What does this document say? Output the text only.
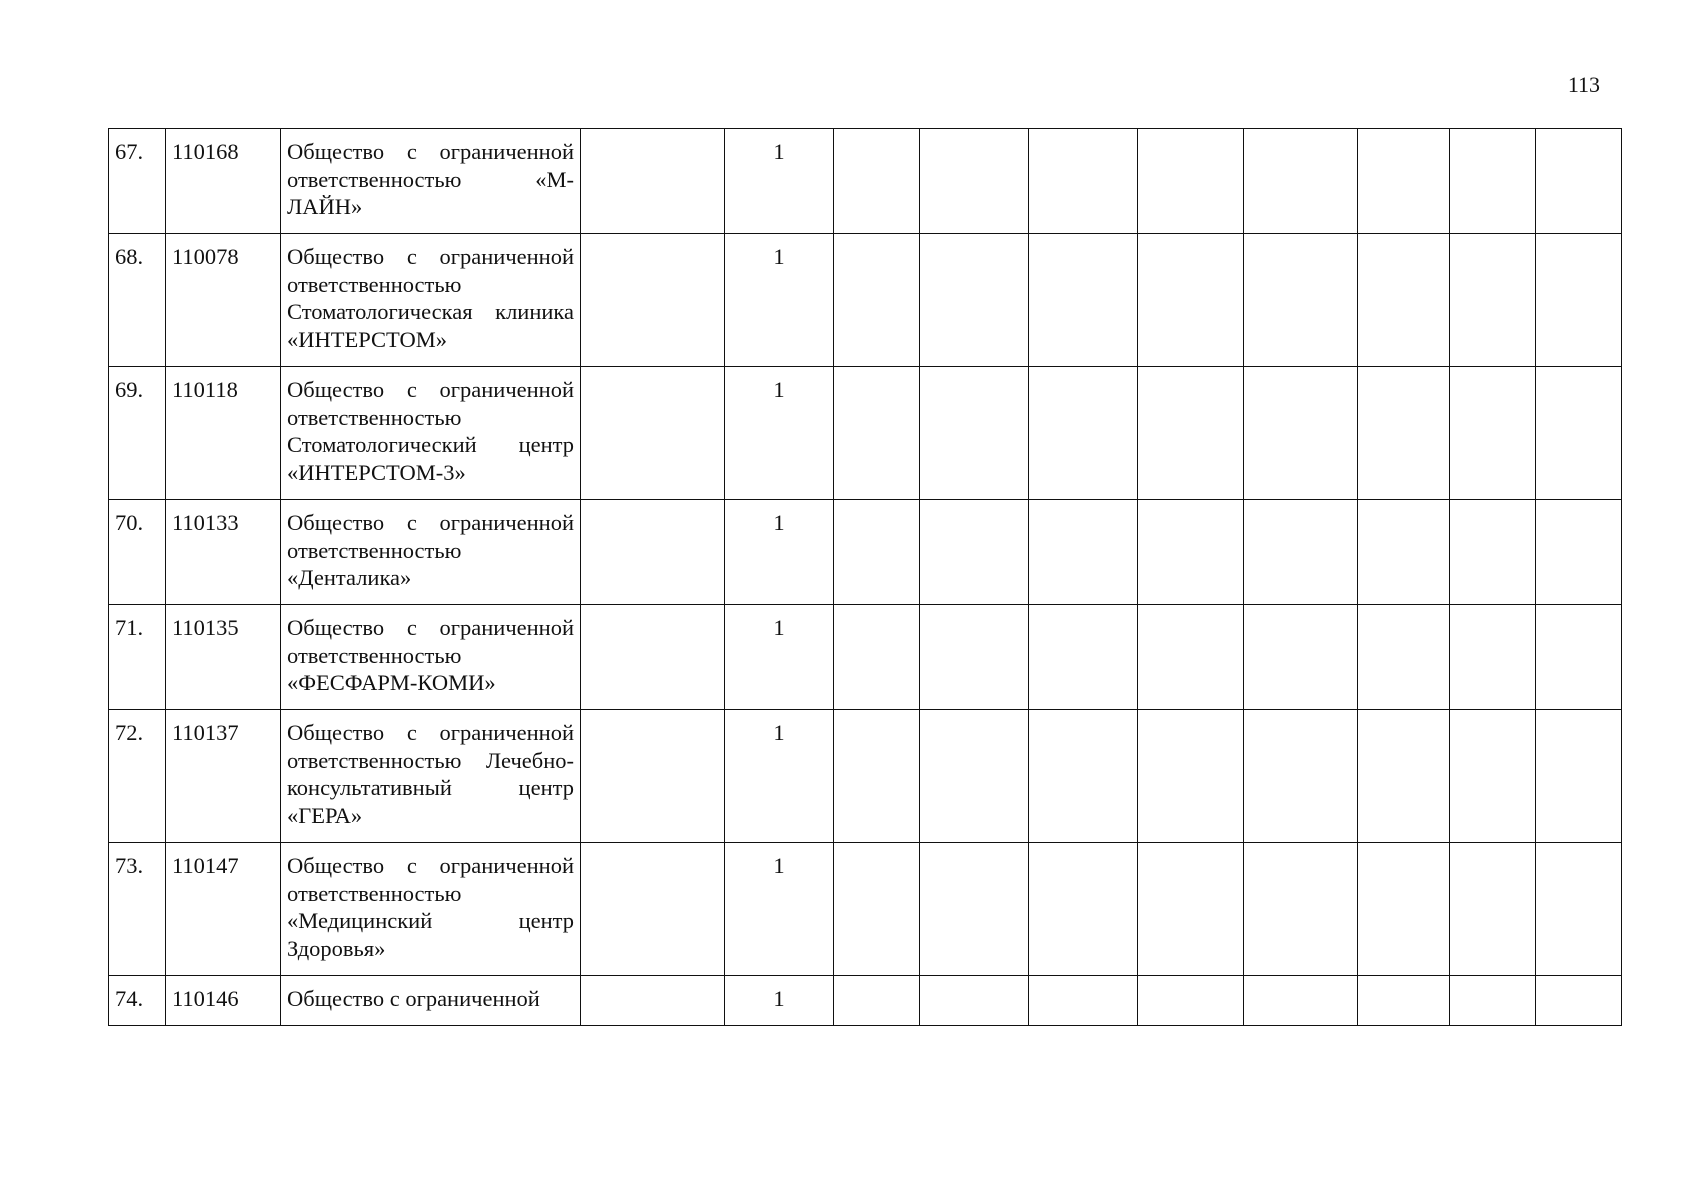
113
67.	110168	Общество с ограниченной ответственностью «М-ЛАЙН»		1								
68.	110078	Общество с ограниченной ответственностью Стоматологическая клиника «ИНТЕРСТОМ»		1								
69.	110118	Общество с ограниченной ответственностью Стоматологический центр «ИНТЕРСТОМ-3»		1								
70.	110133	Общество с ограниченной ответственностью «Денталика»		1								
71.	110135	Общество с ограниченной ответственностью «ФЕСФАРМ-КОМИ»		1								
72.	110137	Общество с ограниченной ответственностью Лечебно-консультативный центр «ГЕРА»		1								
73.	110147	Общество с ограниченной ответственностью «Медицинский центр Здоровья»		1								
74.	110146	Общество с ограниченной		1								
